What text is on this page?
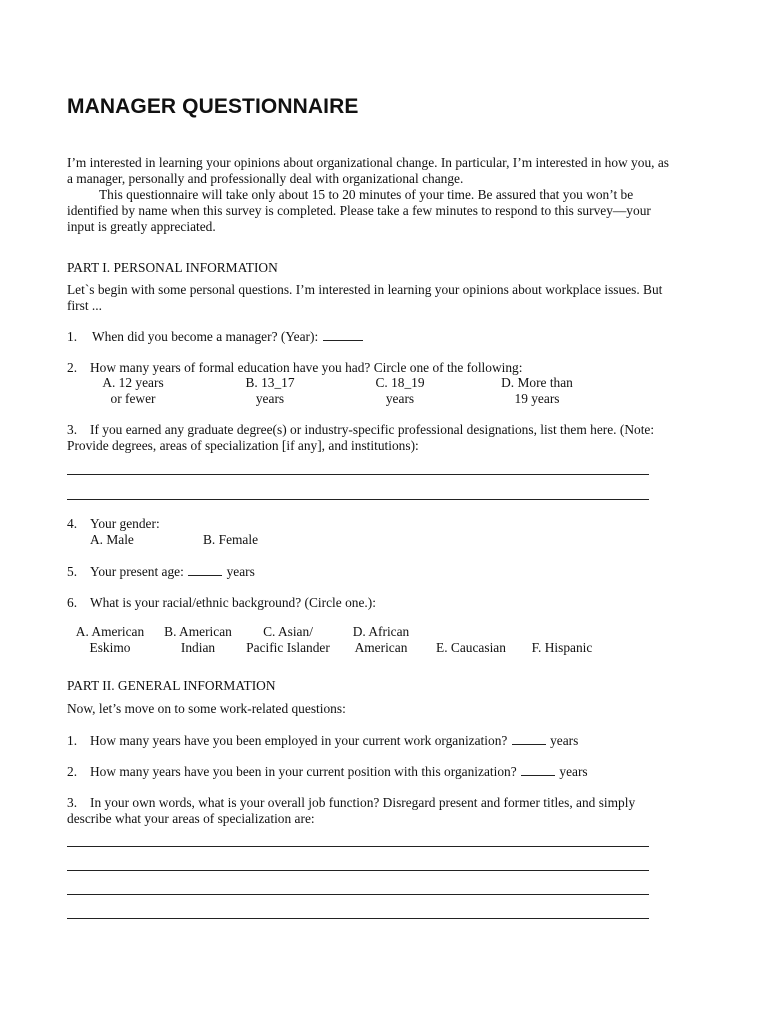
MANAGER QUESTIONNAIRE
I’m interested in learning your opinions about organizational change. In particular, I’m interested in how you, as
a manager, personally and professionally deal with organizational change.
This questionnaire will take only about 15 to 20 minutes of your time. Be assured that you won’t be
identified by name when this survey is completed. Please take a few minutes to respond to this survey—your
input is greatly appreciated.
PART I. PERSONAL INFORMATION
Let`s begin with some personal questions. I’m interested in learning your opinions about workplace issues. But
first ...
1. When did you become a manager? (Year):
2. How many years of formal education have you had? Circle one of the following:
A. 12 years
or fewer
B. 13_17
years
C. 18_19
years
D. More than
19 years
3. If you earned any graduate degree(s) or industry-specific professional designations, list them here. (Note:
Provide degrees, areas of specialization [if any], and institutions):
4. Your gender:
A. Male	B. Female
5. Your present age:	years
6. What is your racial/ethnic background? (Circle one.):
A. American
Eskimo
B. American
Indian
C. Asian/
Pacific Islander
D. African
American
	E. Caucasian
	F. Hispanic
PART II. GENERAL INFORMATION
Now, let’s move on to some work-related questions:
1. How many years have you been employed in your current work organization?	years
2. How many years have you been in your current position with this organization?	years
3. In your own words, what is your overall job function? Disregard present and former titles, and simply
describe what your areas of specialization are:
